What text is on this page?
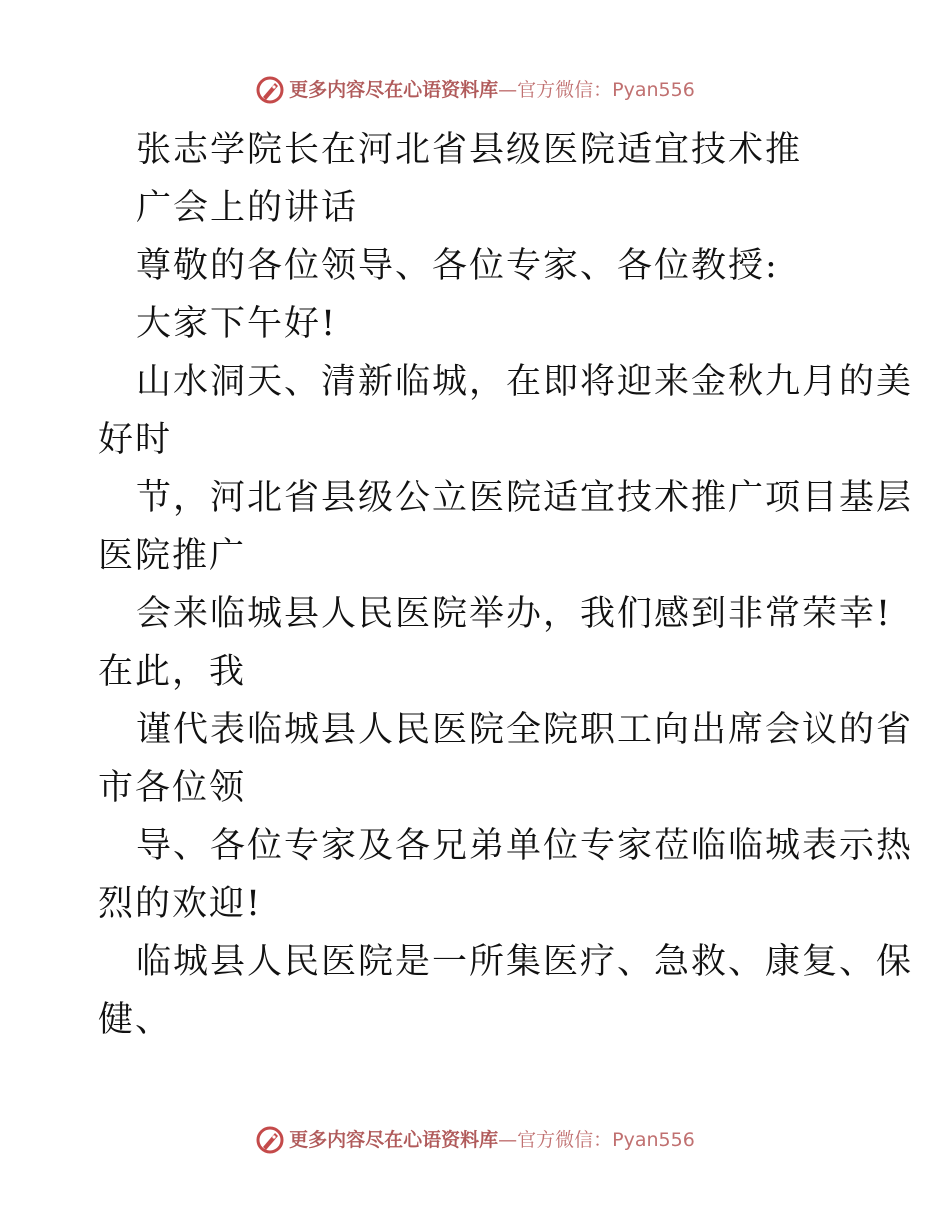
更多内容尽在心语资料库—官方微信：Pyan556
张志学院长在河北省县级医院适宜技术推
广会上的讲话
尊敬的各位领导、各位专家、各位教授:
大家下午好!
山水洞天、清新临城，在即将迎来金秋九月的美
好时
节，河北省县级公立医院适宜技术推广项目基层
医院推广
会来临城县人民医院举办，我们感到非常荣幸!
在此，我
谨代表临城县人民医院全院职工向出席会议的省
市各位领
导、各位专家及各兄弟单位专家莅临临城表示热
烈的欢迎!
临城县人民医院是一所集医疗、急救、康复、保
健、
更多内容尽在心语资料库—官方微信：Pyan556
